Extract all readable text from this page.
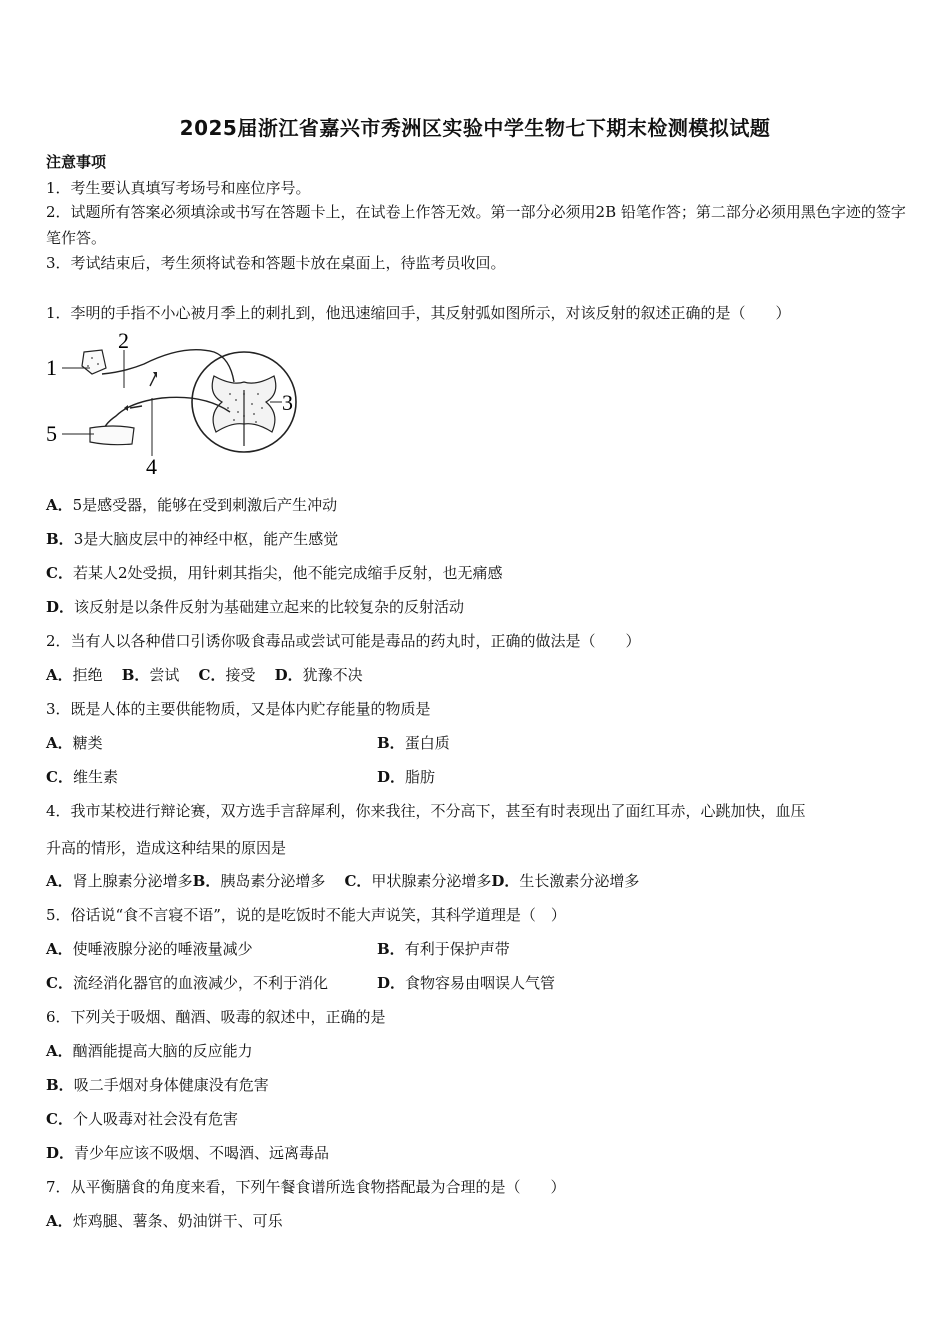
2025届浙江省嘉兴市秀洲区实验中学生物七下期末检测模拟试题
注意事项
1．考生要认真填写考场号和座位序号。
2．试题所有答案必须填涂或书写在答题卡上，在试卷上作答无效。第一部分必须用2B 铅笔作答；第二部分必须用黑色字迹的签字笔作答。
3．考试结束后，考生须将试卷和答题卡放在桌面上，待监考员收回。
1．李明的手指不小心被月季上的刺扎到，他迅速缩回手，其反射弧如图所示，对该反射的叙述正确的是（　　）
1
2
3
4
5
A．5是感受器，能够在受到刺激后产生冲动
B．3是大脑皮层中的神经中枢，能产生感觉
C．若某人2处受损，用针刺其指尖，他不能完成缩手反射，也无痛感
D．该反射是以条件反射为基础建立起来的比较复杂的反射活动
2．当有人以各种借口引诱你吸食毒品或尝试可能是毒品的药丸时，正确的做法是（　　）
A．拒绝 B．尝试 C．接受 D．犹豫不决
3．既是人体的主要供能物质，又是体内贮存能量的物质是
A．糖类	B．蛋白质
C．维生素	D．脂肪
4．我市某校进行辩论赛，双方选手言辞犀利，你来我往，不分高下，甚至有时表现出了面红耳赤，心跳加快，血压
升高的情形，造成这种结果的原因是
A．肾上腺素分泌增多B．胰岛素分泌增多 C．甲状腺素分泌增多D．生长激素分泌增多
5．俗话说“食不言寝不语”，说的是吃饭时不能大声说笑，其科学道理是（　）
A．使唾液腺分泌的唾液量减少	B．有利于保护声带
C．流经消化器官的血液减少，不利于消化	D．食物容易由咽误人气管
6．下列关于吸烟、酗酒、吸毒的叙述中，正确的是
A．酗酒能提高大脑的反应能力
B．吸二手烟对身体健康没有危害
C．个人吸毒对社会没有危害
D．青少年应该不吸烟、不喝酒、远离毒品
7．从平衡膳食的角度来看，下列午餐食谱所选食物搭配最为合理的是（　　）
A．炸鸡腿、薯条、奶油饼干、可乐
